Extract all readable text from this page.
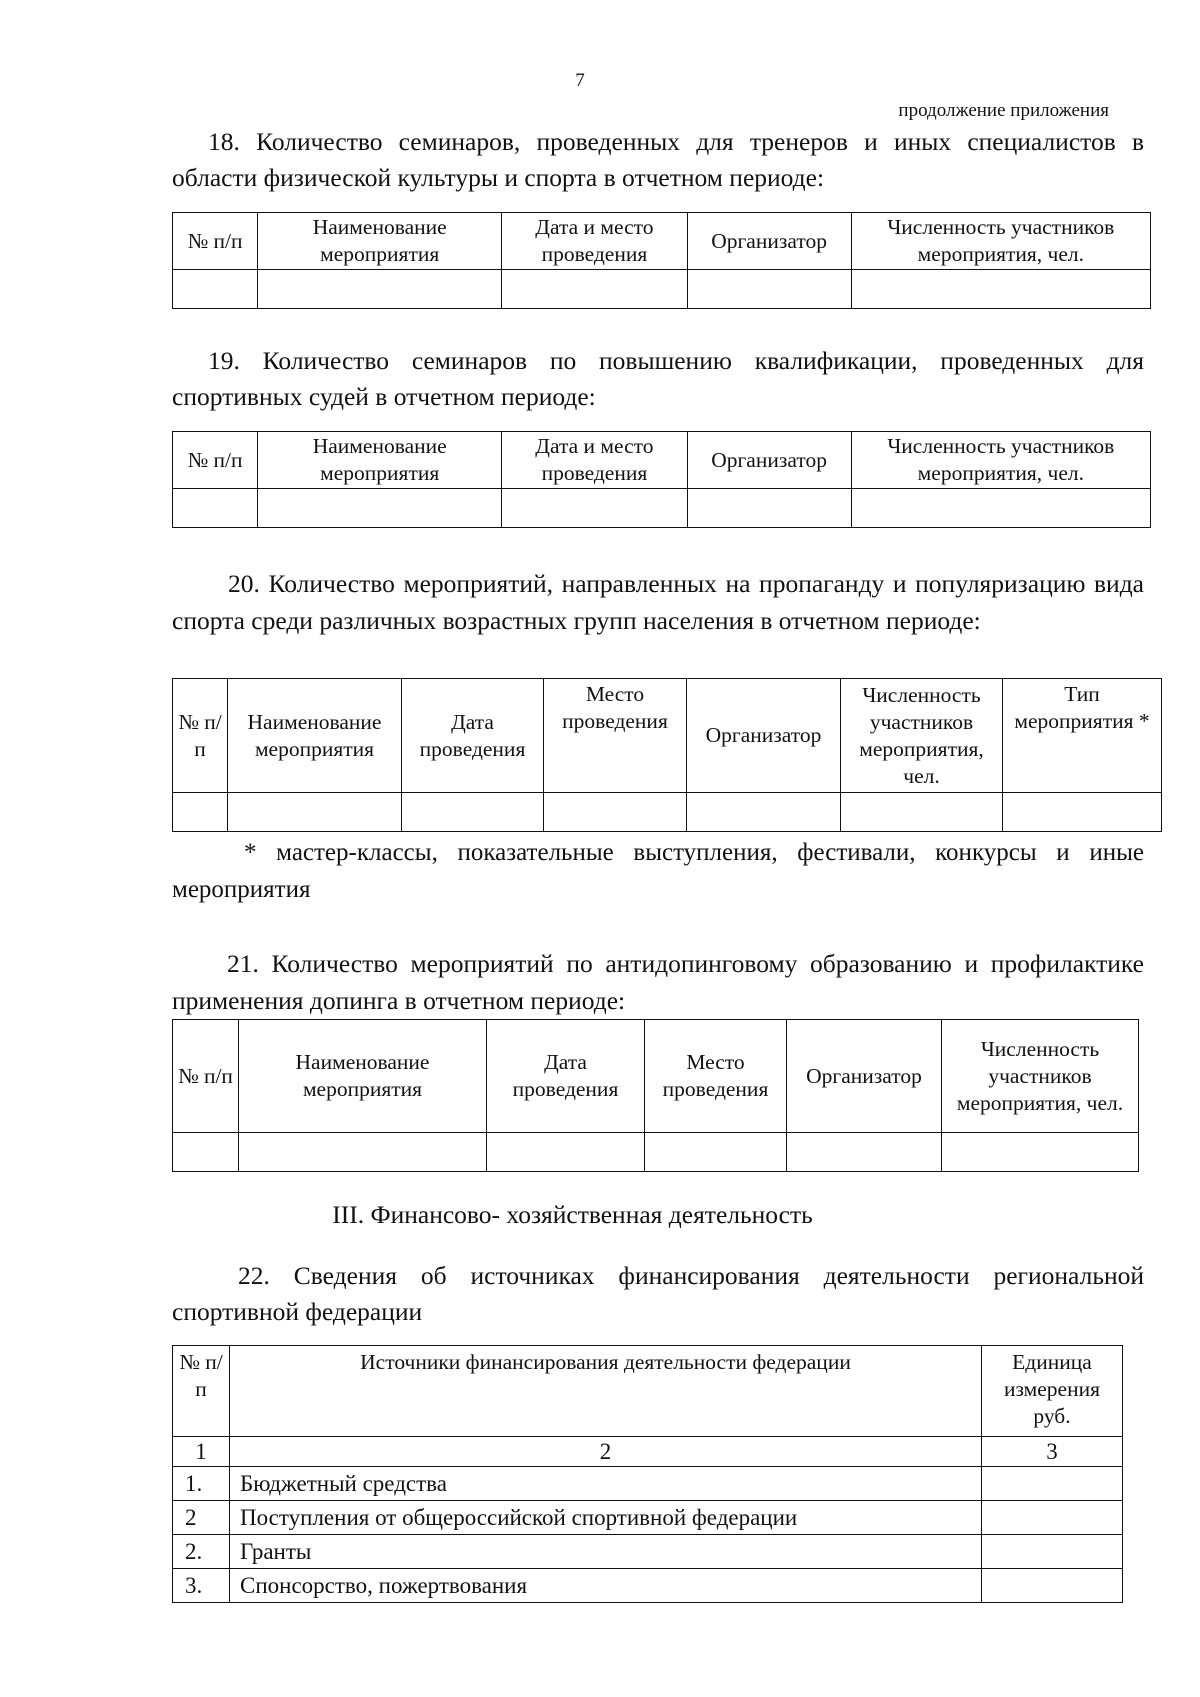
7
продолжение приложения

18. Количество семинаров, проведенных для тренеров и иных специалистов в области физической культуры и спорта в отчетном периоде:

№ п/п	Наименование мероприятия	Дата и место проведения	Организатор	Численность участников мероприятия, чел.

19. Количество семинаров по повышению квалификации, проведенных для спортивных судей в отчетном периоде:

№ п/п	Наименование мероприятия	Дата и место проведения	Организатор	Численность участников мероприятия, чел.

20. Количество мероприятий, направленных на пропаганду и популяризацию вида спорта среди различных возрастных групп населения в отчетном периоде:

№ п/п	Наименование мероприятия	Дата проведения	Место проведения	Организатор	Численность участников мероприятия, чел.	Тип мероприятия *

* мастер-классы, показательные выступления, фестивали, конкурсы и иные мероприятия

21. Количество мероприятий по антидопинговому образованию и профилактике применения допинга в отчетном периоде:

№ п/п	Наименование мероприятия	Дата проведения	Место проведения	Организатор	Численность участников мероприятия, чел.

III. Финансово- хозяйственная деятельность

22. Сведения об источниках финансирования деятельности региональной спортивной федерации

№ п/п	Источники финансирования деятельности федерации	Единица измерения руб.
1	2	3
1.	Бюджетный средства	
2	Поступления от общероссийской спортивной федерации	
2.	Гранты	
3.	Спонсорство, пожертвования	
